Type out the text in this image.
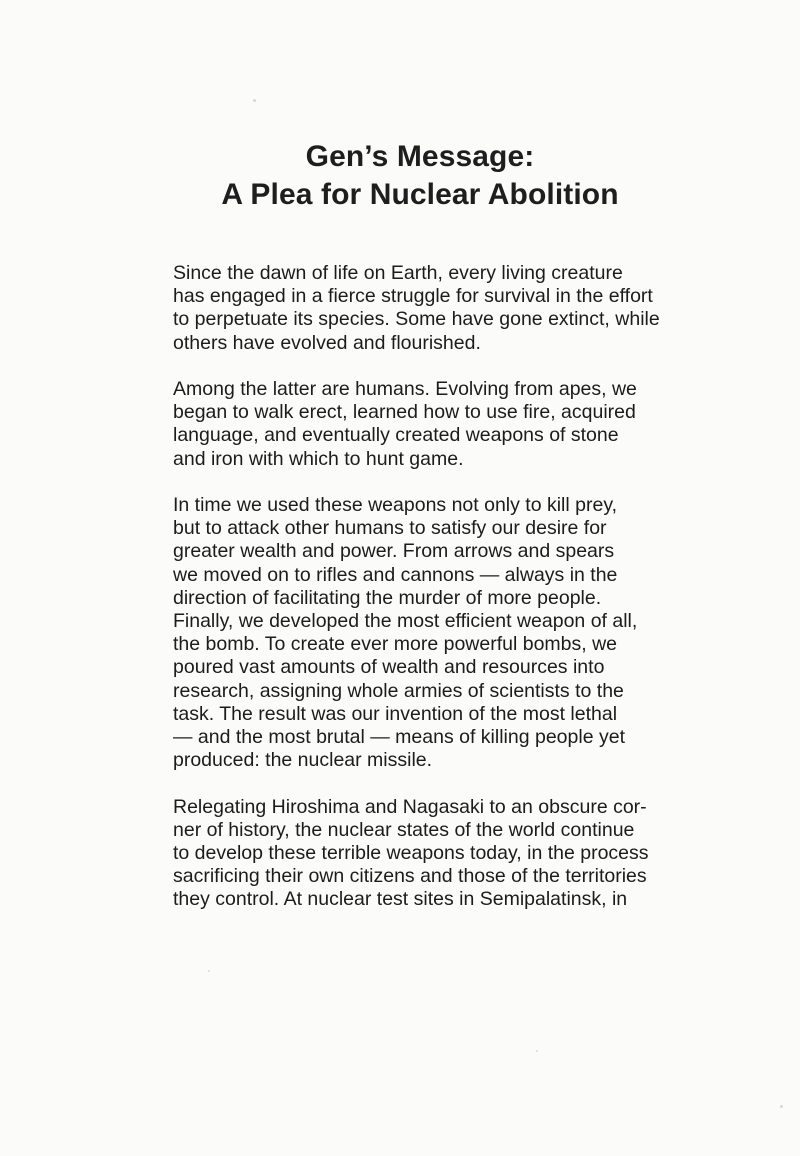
Gen’s Message:
A Plea for Nuclear Abolition
Since the dawn of life on Earth, every living creature
has engaged in a fierce struggle for survival in the effort
to perpetuate its species. Some have gone extinct, while
others have evolved and flourished.
Among the latter are humans. Evolving from apes, we
began to walk erect, learned how to use fire, acquired
language, and eventually created weapons of stone
and iron with which to hunt game.
In time we used these weapons not only to kill prey,
but to attack other humans to satisfy our desire for
greater wealth and power. From arrows and spears
we moved on to rifles and cannons — always in the
direction of facilitating the murder of more people.
Finally, we developed the most efficient weapon of all,
the bomb. To create ever more powerful bombs, we
poured vast amounts of wealth and resources into
research, assigning whole armies of scientists to the
task. The result was our invention of the most lethal
— and the most brutal — means of killing people yet
produced: the nuclear missile.
Relegating Hiroshima and Nagasaki to an obscure cor-
ner of history, the nuclear states of the world continue
to develop these terrible weapons today, in the process
sacrificing their own citizens and those of the territories
they control. At nuclear test sites in Semipalatinsk, in
